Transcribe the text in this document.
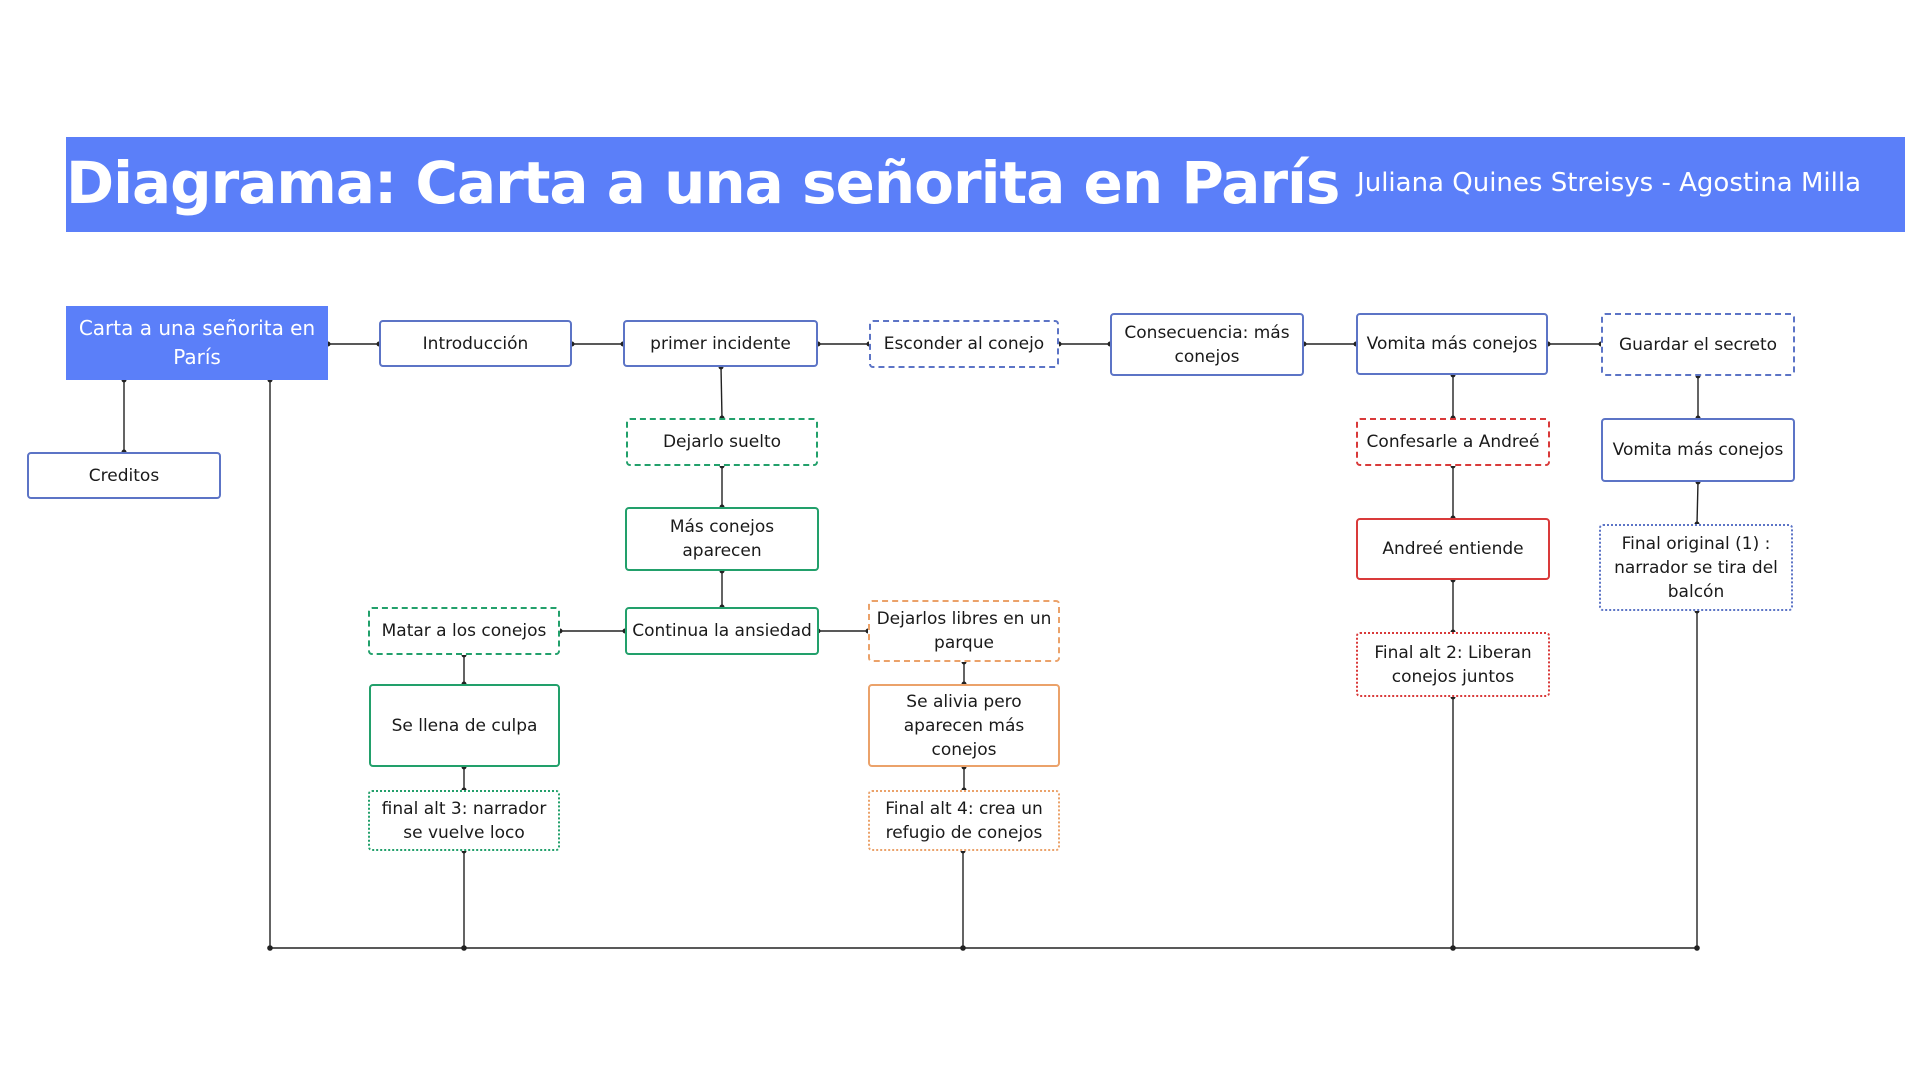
Diagrama: Carta a una señorita en París Juliana Quines Streisys - Agostina Milla
Carta a una señorita en París
Introducción	primer incidente	Esconder al conejo
Consecuencia: más conejos
Vomita más conejos	Guardar el secreto
Creditos
Dejarlo suelto
Más conejos aparecen
Continua la ansiedad
Matar a los conejos
Se llena de culpa
final alt 3: narrador se vuelve loco
Dejarlos libres en un parque
Se alivia pero aparecen más conejos
Final alt 4: crea un refugio de conejos
Confesarle a Andreé
Andreé entiende
Final alt 2: Liberan conejos juntos
Vomita más conejos
Final original (1) : narrador se tira del balcón
